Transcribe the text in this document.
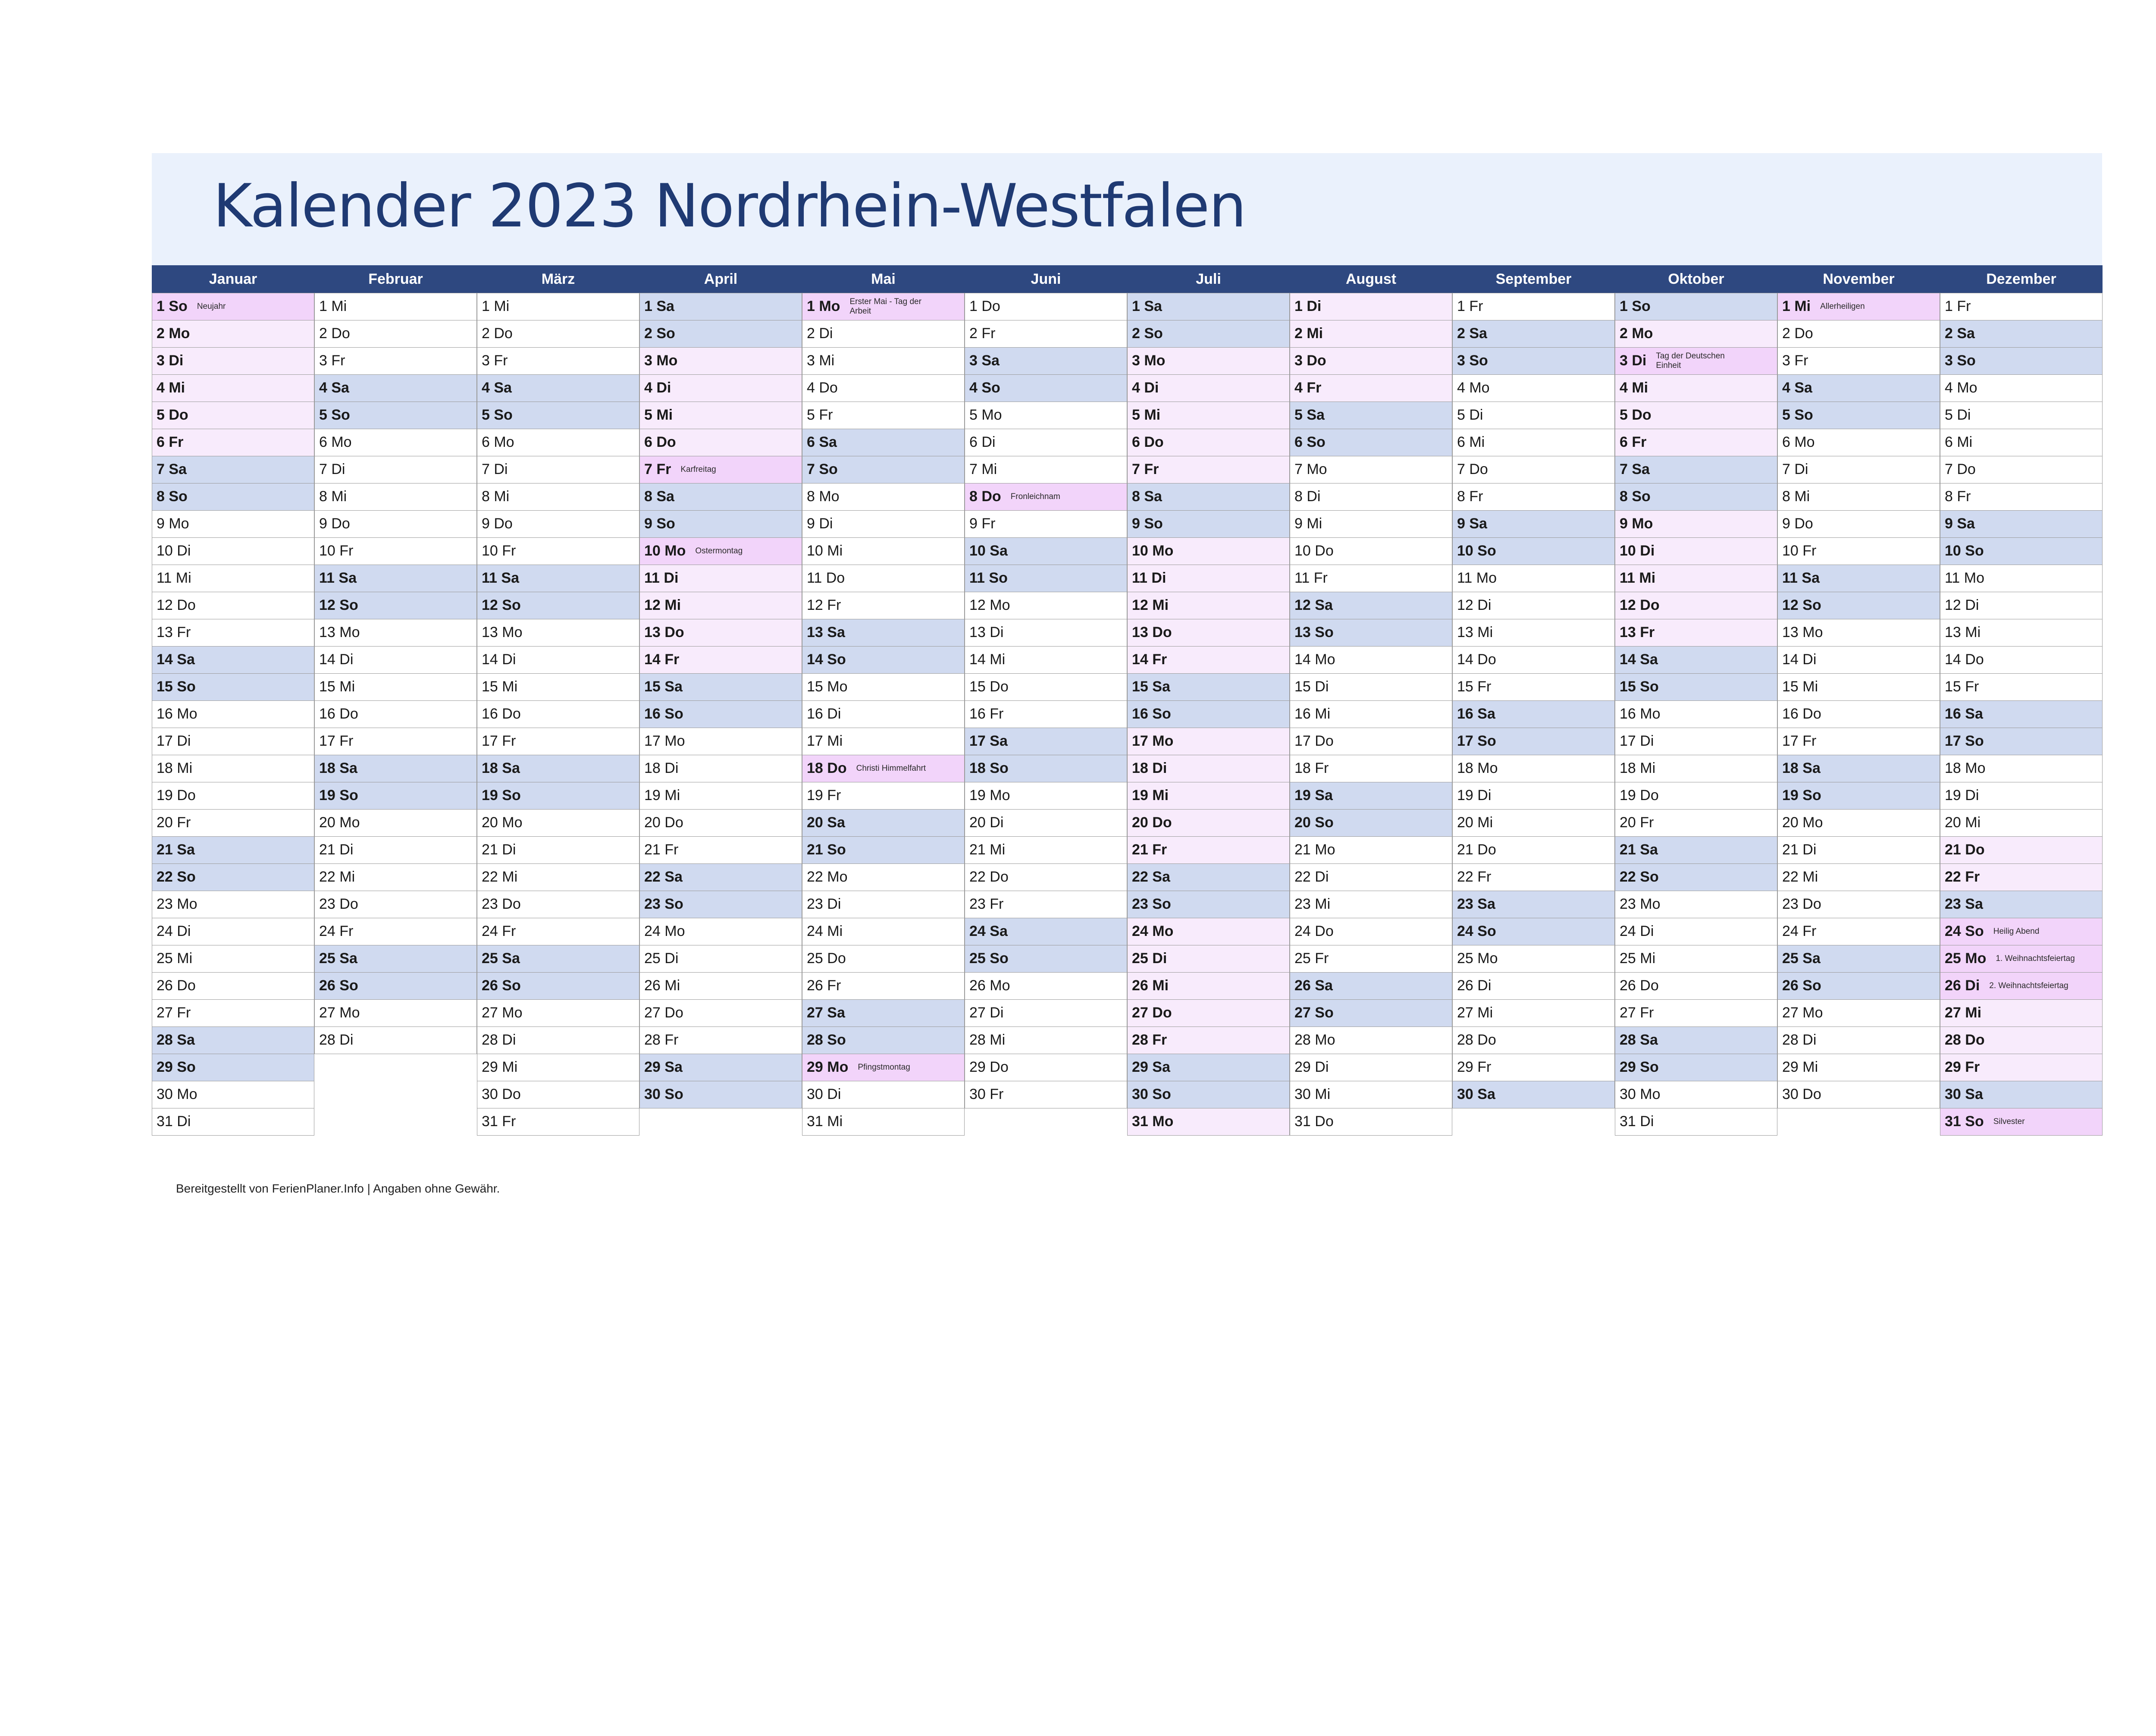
Kalender 2023 Nordrhein-Westfalen
Januar
1 So Neujahr
2 Mo
3 Di
4 Mi
5 Do
6 Fr
7 Sa
8 So
9 Mo
10 Di
11 Mi
12 Do
13 Fr
14 Sa
15 So
16 Mo
17 Di
18 Mi
19 Do
20 Fr
21 Sa
22 So
23 Mo
24 Di
25 Mi
26 Do
27 Fr
28 Sa
29 So
30 Mo
31 Di
Februar
1 Mi
2 Do
3 Fr
4 Sa
5 So
6 Mo
7 Di
8 Mi
9 Do
10 Fr
11 Sa
12 So
13 Mo
14 Di
15 Mi
16 Do
17 Fr
18 Sa
19 So
20 Mo
21 Di
22 Mi
23 Do
24 Fr
25 Sa
26 So
27 Mo
28 Di
März
1 Mi
2 Do
3 Fr
4 Sa
5 So
6 Mo
7 Di
8 Mi
9 Do
10 Fr
11 Sa
12 So
13 Mo
14 Di
15 Mi
16 Do
17 Fr
18 Sa
19 So
20 Mo
21 Di
22 Mi
23 Do
24 Fr
25 Sa
26 So
27 Mo
28 Di
29 Mi
30 Do
31 Fr
April
1 Sa
2 So
3 Mo
4 Di
5 Mi
6 Do
7 Fr Karfreitag
8 Sa
9 So
10 Mo Ostermontag
11 Di
12 Mi
13 Do
14 Fr
15 Sa
16 So
17 Mo
18 Di
19 Mi
20 Do
21 Fr
22 Sa
23 So
24 Mo
25 Di
26 Mi
27 Do
28 Fr
29 Sa
30 So
Mai
1 Mo Erster Mai - Tag der Arbeit
2 Di
3 Mi
4 Do
5 Fr
6 Sa
7 So
8 Mo
9 Di
10 Mi
11 Do
12 Fr
13 Sa
14 So
15 Mo
16 Di
17 Mi
18 Do Christi Himmelfahrt
19 Fr
20 Sa
21 So
22 Mo
23 Di
24 Mi
25 Do
26 Fr
27 Sa
28 So
29 Mo Pfingstmontag
30 Di
31 Mi
Juni
1 Do
2 Fr
3 Sa
4 So
5 Mo
6 Di
7 Mi
8 Do Fronleichnam
9 Fr
10 Sa
11 So
12 Mo
13 Di
14 Mi
15 Do
16 Fr
17 Sa
18 So
19 Mo
20 Di
21 Mi
22 Do
23 Fr
24 Sa
25 So
26 Mo
27 Di
28 Mi
29 Do
30 Fr
Juli
1 Sa
2 So
3 Mo
4 Di
5 Mi
6 Do
7 Fr
8 Sa
9 So
10 Mo
11 Di
12 Mi
13 Do
14 Fr
15 Sa
16 So
17 Mo
18 Di
19 Mi
20 Do
21 Fr
22 Sa
23 So
24 Mo
25 Di
26 Mi
27 Do
28 Fr
29 Sa
30 So
31 Mo
August
1 Di
2 Mi
3 Do
4 Fr
5 Sa
6 So
7 Mo
8 Di
9 Mi
10 Do
11 Fr
12 Sa
13 So
14 Mo
15 Di
16 Mi
17 Do
18 Fr
19 Sa
20 So
21 Mo
22 Di
23 Mi
24 Do
25 Fr
26 Sa
27 So
28 Mo
29 Di
30 Mi
31 Do
September
1 Fr
2 Sa
3 So
4 Mo
5 Di
6 Mi
7 Do
8 Fr
9 Sa
10 So
11 Mo
12 Di
13 Mi
14 Do
15 Fr
16 Sa
17 So
18 Mo
19 Di
20 Mi
21 Do
22 Fr
23 Sa
24 So
25 Mo
26 Di
27 Mi
28 Do
29 Fr
30 Sa
Oktober
1 So
2 Mo
3 Di Tag der Deutschen Einheit
4 Mi
5 Do
6 Fr
7 Sa
8 So
9 Mo
10 Di
11 Mi
12 Do
13 Fr
14 Sa
15 So
16 Mo
17 Di
18 Mi
19 Do
20 Fr
21 Sa
22 So
23 Mo
24 Di
25 Mi
26 Do
27 Fr
28 Sa
29 So
30 Mo
31 Di
November
1 Mi Allerheiligen
2 Do
3 Fr
4 Sa
5 So
6 Mo
7 Di
8 Mi
9 Do
10 Fr
11 Sa
12 So
13 Mo
14 Di
15 Mi
16 Do
17 Fr
18 Sa
19 So
20 Mo
21 Di
22 Mi
23 Do
24 Fr
25 Sa
26 So
27 Mo
28 Di
29 Mi
30 Do
Dezember
1 Fr
2 Sa
3 So
4 Mo
5 Di
6 Mi
7 Do
8 Fr
9 Sa
10 So
11 Mo
12 Di
13 Mi
14 Do
15 Fr
16 Sa
17 So
18 Mo
19 Di
20 Mi
21 Do
22 Fr
23 Sa
24 So Heilig Abend
25 Mo 1. Weihnachtsfeiertag
26 Di 2. Weihnachtsfeiertag
27 Mi
28 Do
29 Fr
30 Sa
31 So Silvester
Bereitgestellt von FerienPlaner.Info | Angaben ohne Gewähr.
